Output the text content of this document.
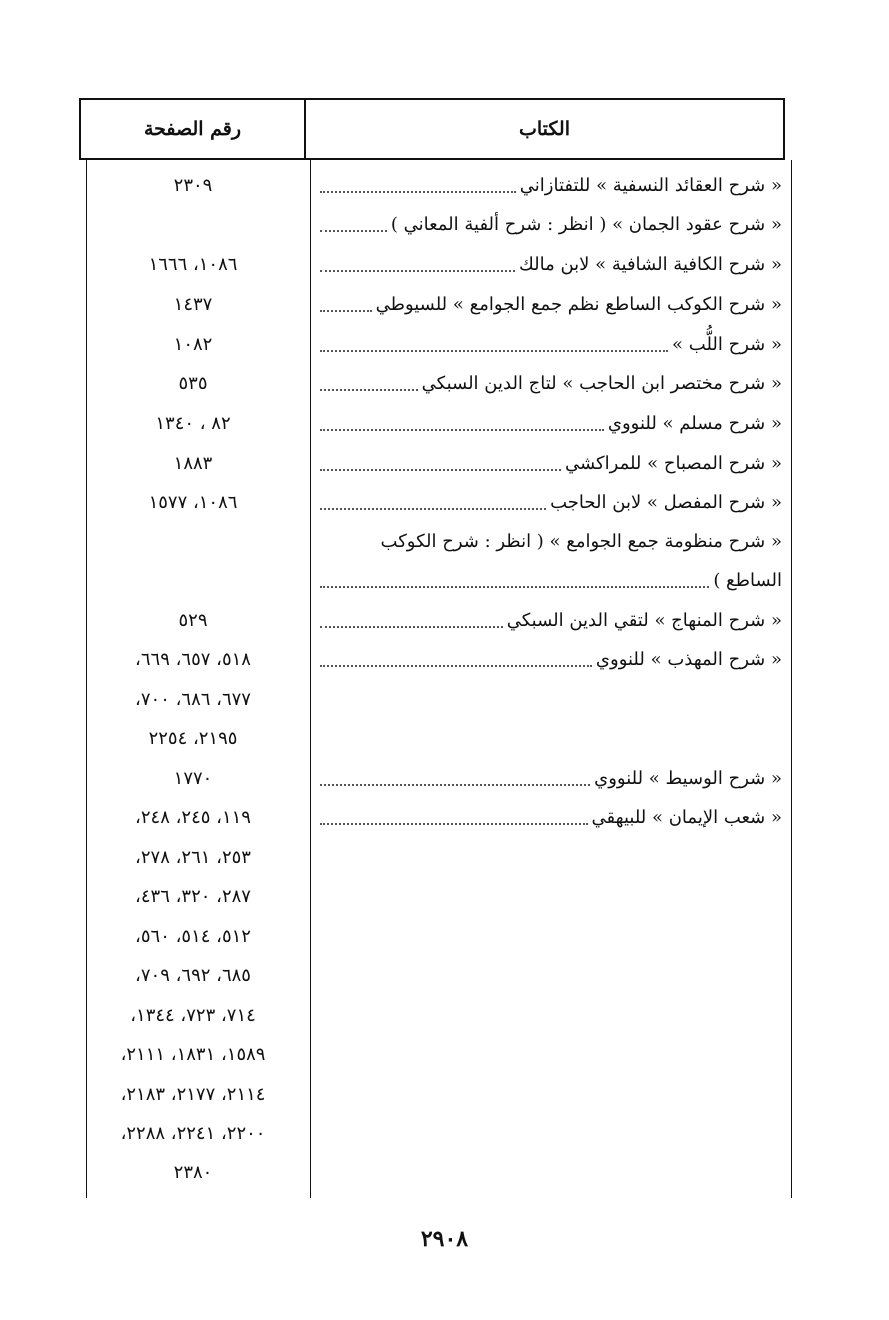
الكتاب
رقم الصفحة
« شرح العقائد النسفية » للتفتازاني
« شرح عقود الجمان » ( انظر : شرح ألفية المعاني )
« شرح الكافية الشافية » لابن مالك
« شرح الكوكب الساطع نظم جمع الجوامع » للسيوطي
« شرح اللُّب »
« شرح مختصر ابن الحاجب » لتاج الدين السبكي
« شرح مسلم » للنووي
« شرح المصباح » للمراكشي
« شرح المفصل » لابن الحاجب
« شرح منظومة جمع الجوامع » ( انظر : شرح الكوكب
الساطع )
« شرح المنهاج » لتقي الدين السبكي
« شرح المهذب » للنووي
« شرح الوسيط » للنووي
« شعب الإيمان » للبيهقي
٢٣٠٩
١٠٨٦، ١٦٦٦
١٤٣٧
١٠٨٢
٥٣٥
٨٢ ، ١٣٤٠
١٨٨٣
١٠٨٦، ١٥٧٧
٥٢٩
٥١٨، ٦٥٧، ٦٦٩،
٦٧٧، ٦٨٦، ٧٠٠،
٢١٩٥، ٢٢٥٤
١٧٧٠
١١٩، ٢٤٥، ٢٤٨،
٢٥٣، ٢٦١، ٢٧٨،
٢٨٧، ٣٢٠، ٤٣٦،
٥١٢، ٥١٤، ٥٦٠،
٦٨٥، ٦٩٢، ٧٠٩،
٧١٤، ٧٢٣، ١٣٤٤،
١٥٨٩، ١٨٣١، ٢١١١،
٢١١٤، ٢١٧٧، ٢١٨٣،
٢٢٠٠، ٢٢٤١، ٢٢٨٨،
٢٣٨٠
٢٩٠٨
